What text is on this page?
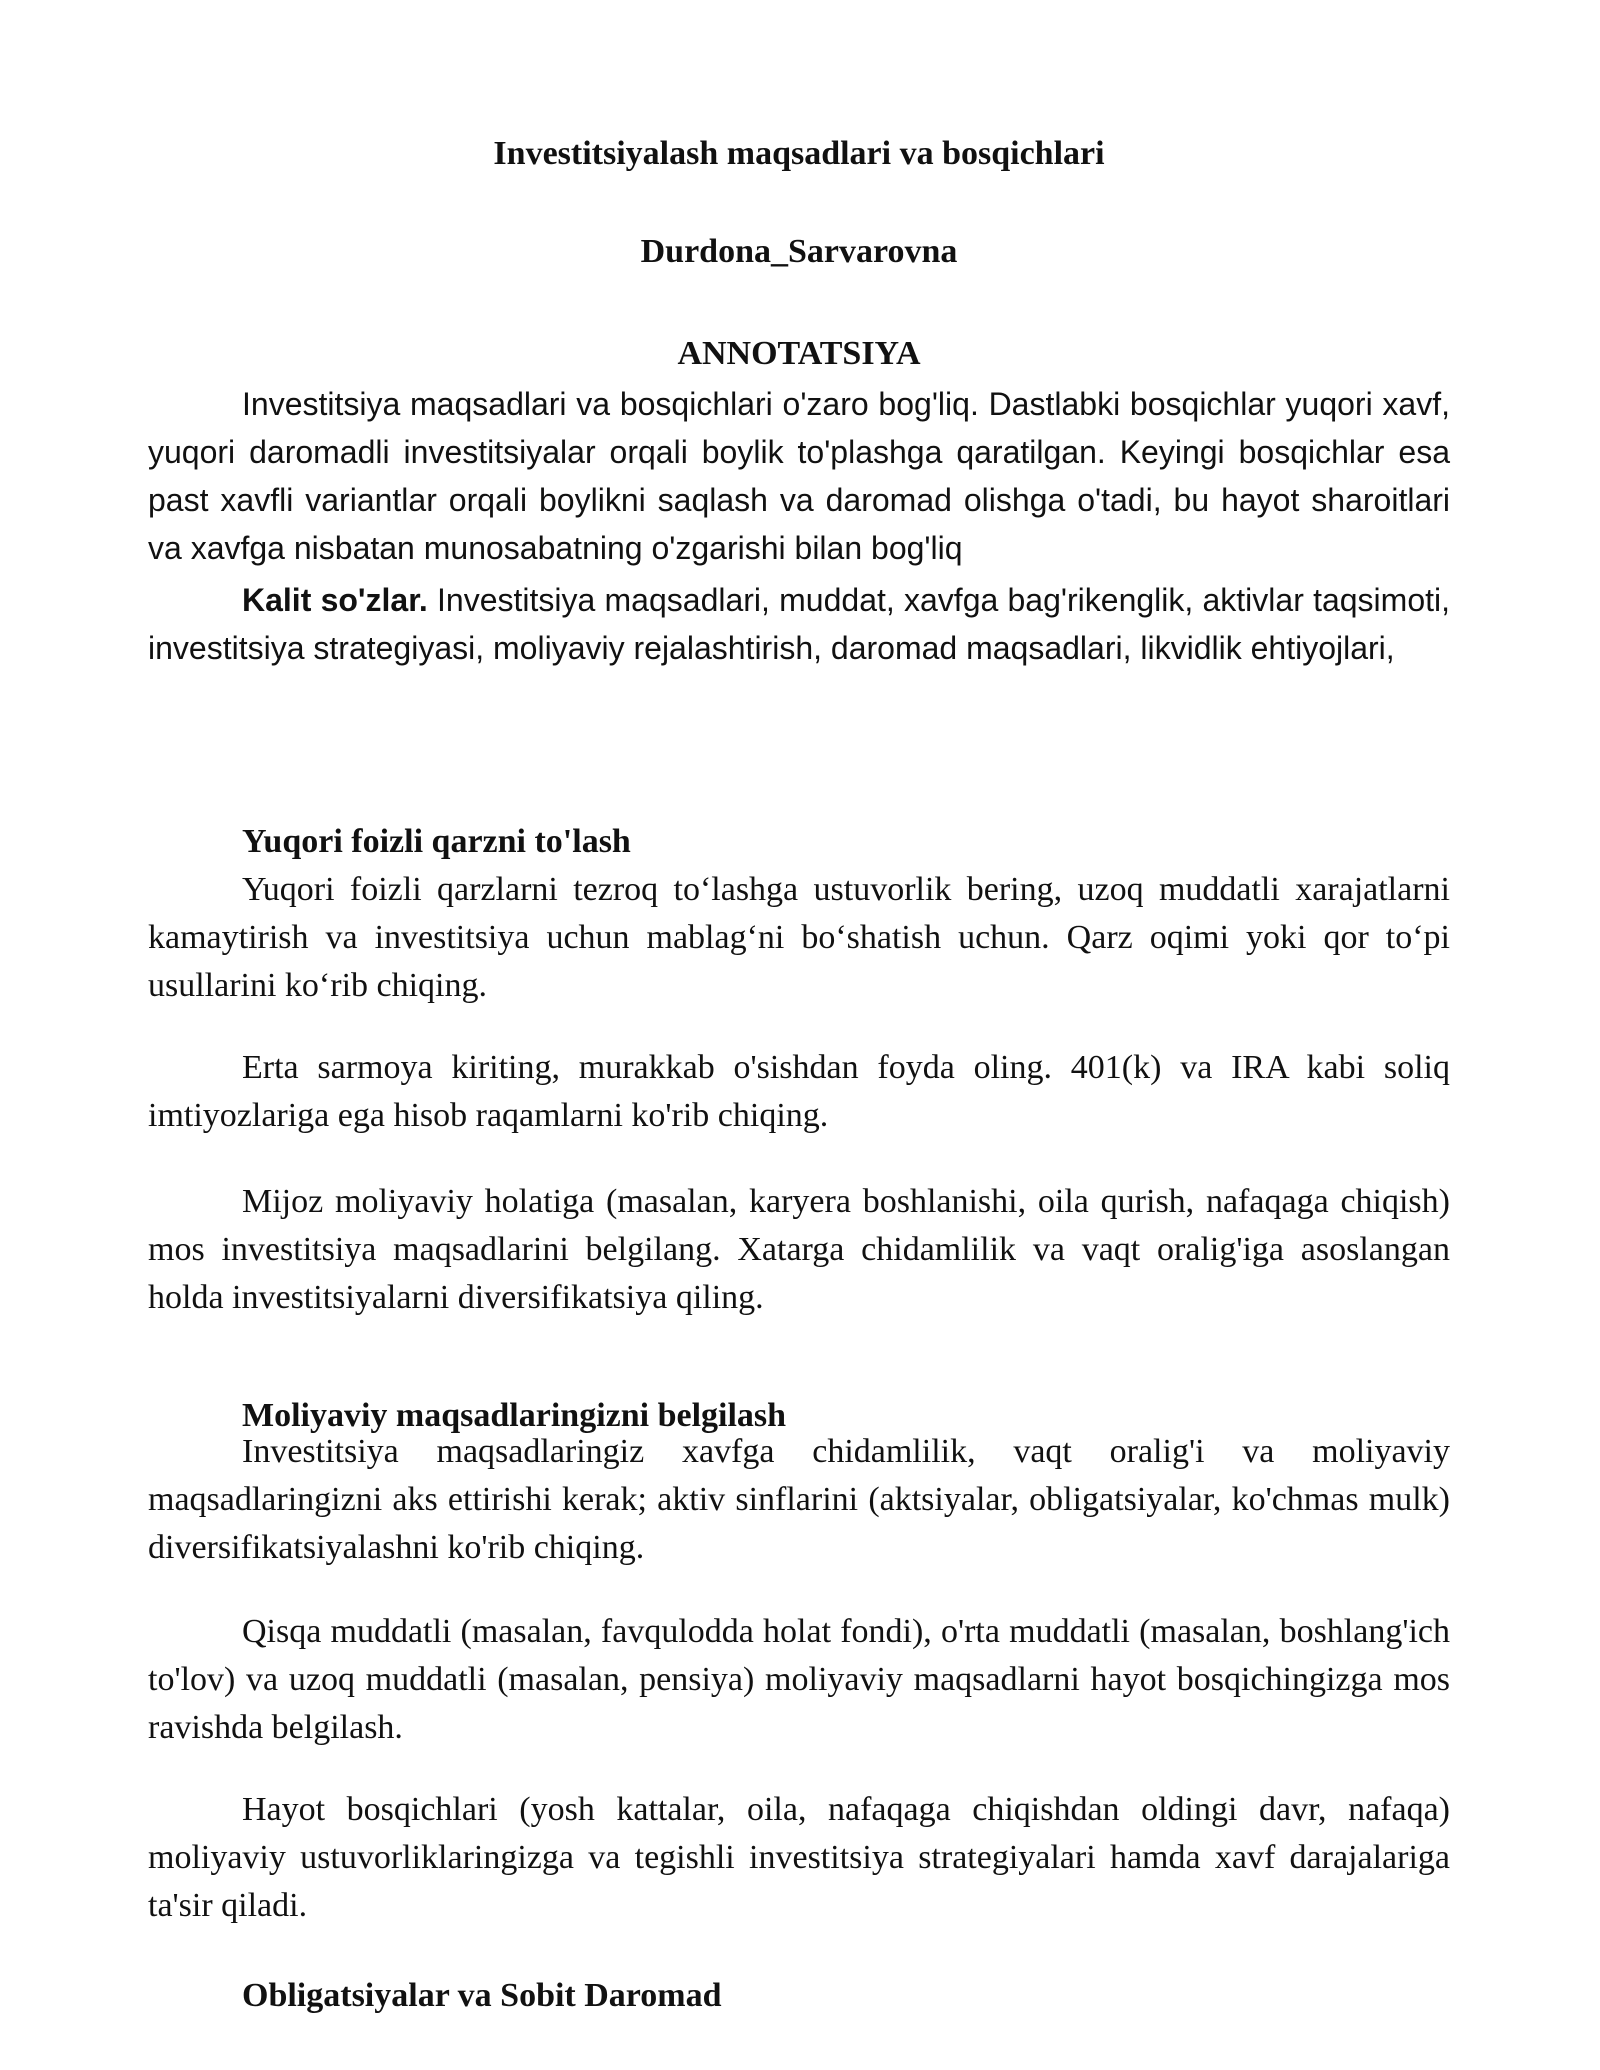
Investitsiyalash maqsadlari va bosqichlari
Durdona_Sarvarovna
ANNOTATSIYA

Investitsiya maqsadlari va bosqichlari o'zaro bog'liq. Dastlabki bosqichlar yuqori xavf, yuqori daromadli investitsiyalar orqali boylik to'plashga qaratilgan. Keyingi bosqichlar esa past xavfli variantlar orqali boylikni saqlash va daromad olishga o'tadi, bu hayot sharoitlari va xavfga nisbatan munosabatning o'zgarishi bilan bog'liq

Kalit so'zlar. Investitsiya maqsadlari, muddat, xavfga bag'rikenglik, aktivlar taqsimoti, investitsiya strategiyasi, moliyaviy rejalashtirish, daromad maqsadlari, likvidlik ehtiyojlari,

Yuqori foizli qarzni to'lash

Yuqori foizli qarzlarni tezroq to‘lashga ustuvorlik bering, uzoq muddatli xarajatlarni kamaytirish va investitsiya uchun mablag‘ni bo‘shatish uchun. Qarz oqimi yoki qor to‘pi usullarini ko‘rib chiqing.

Erta sarmoya kiriting, murakkab o'sishdan foyda oling. 401(k) va IRA kabi soliq imtiyozlariga ega hisob raqamlarni ko'rib chiqing.

Mijoz moliyaviy holatiga (masalan, karyera boshlanishi, oila qurish, nafaqaga chiqish) mos investitsiya maqsadlarini belgilang. Xatarga chidamlilik va vaqt oralig'iga asoslangan holda investitsiyalarni diversifikatsiya qiling.

Moliyaviy maqsadlaringizni belgilash

Investitsiya maqsadlaringiz xavfga chidamlilik, vaqt oralig'i va moliyaviy maqsadlaringizni aks ettirishi kerak; aktiv sinflarini (aktsiyalar, obligatsiyalar, ko'chmas mulk) diversifikatsiyalashni ko'rib chiqing.

Qisqa muddatli (masalan, favqulodda holat fondi), o'rta muddatli (masalan, boshlang'ich to'lov) va uzoq muddatli (masalan, pensiya) moliyaviy maqsadlarni hayot bosqichingizga mos ravishda belgilash.

Hayot bosqichlari (yosh kattalar, oila, nafaqaga chiqishdan oldingi davr, nafaqa) moliyaviy ustuvorliklaringizga va tegishli investitsiya strategiyalari hamda xavf darajalariga ta'sir qiladi.

Obligatsiyalar va Sobit Daromad
